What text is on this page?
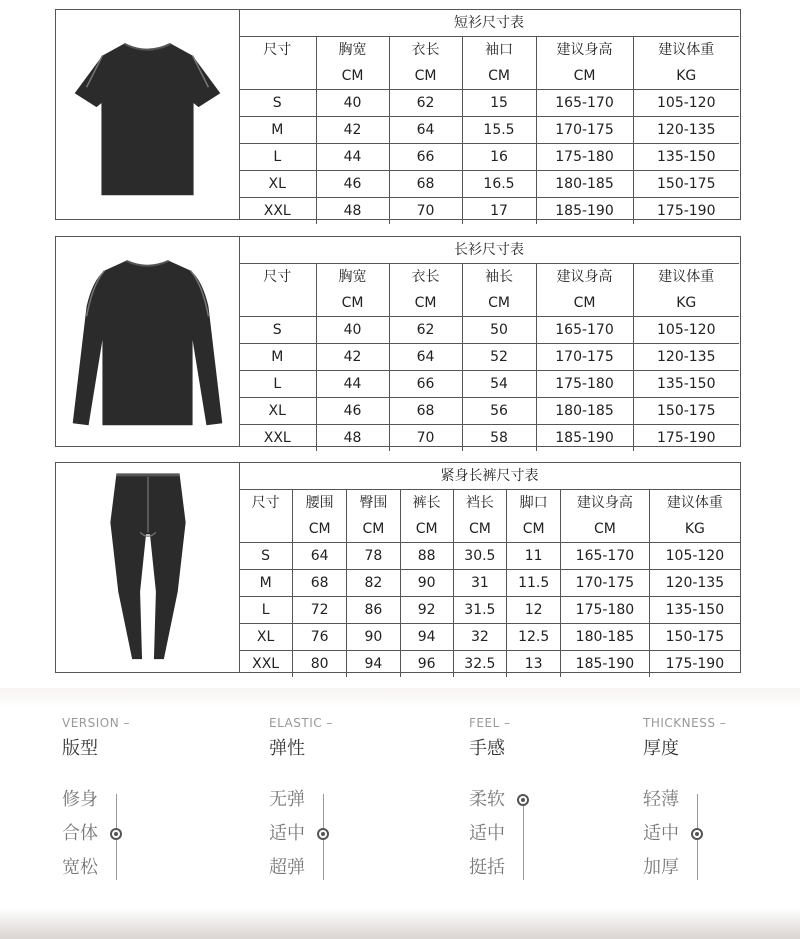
短衫尺寸表					
尺寸	胸宽	衣长	袖口	建议身高	建议体重
	CM	CM	CM	CM	KG
S	40	62	15	165-170	105-120
M	42	64	15.5	170-175	120-135
L	44	66	16	175-180	135-150
XL	46	68	16.5	180-185	150-175
XXL	48	70	17	185-190	175-190
长衫尺寸表					
尺寸	胸宽	衣长	袖长	建议身高	建议体重
	CM	CM	CM	CM	KG
S	40	62	50	165-170	105-120
M	42	64	52	170-175	120-135
L	44	66	54	175-180	135-150
XL	46	68	56	180-185	150-175
XXL	48	70	58	185-190	175-190
紧身长裤尺寸表							
尺寸	腰围	臀围	裤长	裆长	脚口	建议身高	建议体重
	CM	CM	CM	CM	CM	CM	KG
S	64	78	88	30.5	11	165-170	105-120
M	68	82	90	31	11.5	170-175	120-135
L	72	86	92	31.5	12	175-180	135-150
XL	76	90	94	32	12.5	180-185	150-175
XXL	80	94	96	32.5	13	185-190	175-190
VERSION –
版型
ELASTIC –
弹性
FEEL –
手感
THICKNESS –
厚度
修身
合体
宽松
无弹
适中
超弹
柔软
适中
挺括
轻薄
适中
加厚
